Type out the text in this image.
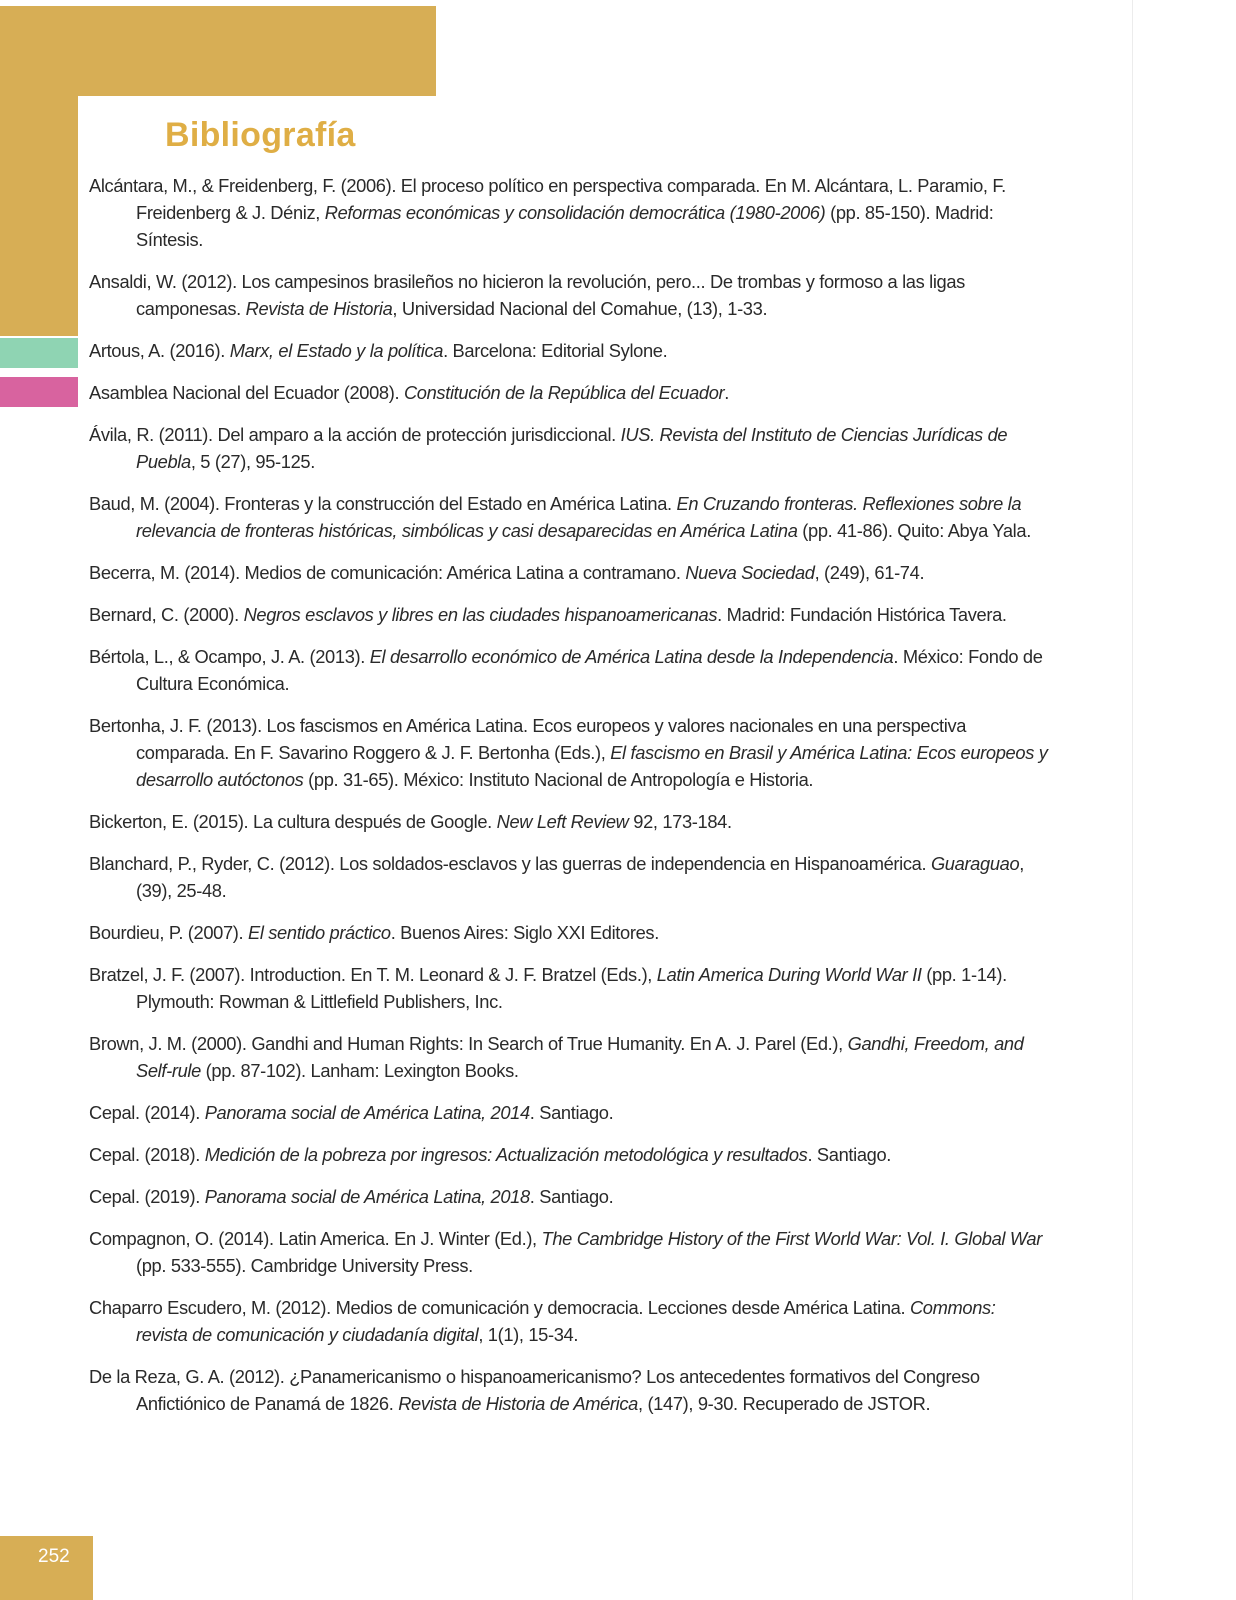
Bibliografía

Alcántara, M., & Freidenberg, F. (2006). El proceso político en perspectiva comparada. En M. Alcántara, L. Paramio, F. Freidenberg & J. Déniz, Reformas económicas y consolidación democrática (1980-2006) (pp. 85-150). Madrid: Síntesis.

Ansaldi, W. (2012). Los campesinos brasileños no hicieron la revolución, pero... De trombas y formoso a las ligas camponesas. Revista de Historia, Universidad Nacional del Comahue, (13), 1-33.

Artous, A. (2016). Marx, el Estado y la política. Barcelona: Editorial Sylone.

Asamblea Nacional del Ecuador (2008). Constitución de la República del Ecuador.

Ávila, R. (2011). Del amparo a la acción de protección jurisdiccional. IUS. Revista del Instituto de Ciencias Jurídicas de Puebla, 5 (27), 95-125.

Baud, M. (2004). Fronteras y la construcción del Estado en América Latina. En Cruzando fronteras. Reflexiones sobre la relevancia de fronteras históricas, simbólicas y casi desaparecidas en América Latina (pp. 41-86). Quito: Abya Yala.

Becerra, M. (2014). Medios de comunicación: América Latina a contramano. Nueva Sociedad, (249), 61-74.

Bernard, C. (2000). Negros esclavos y libres en las ciudades hispanoamericanas. Madrid: Fundación Histórica Tavera.

Bértola, L., & Ocampo, J. A. (2013). El desarrollo económico de América Latina desde la Independencia. México: Fondo de Cultura Económica.

Bertonha, J. F. (2013). Los fascismos en América Latina. Ecos europeos y valores nacionales en una perspectiva comparada. En F. Savarino Roggero & J. F. Bertonha (Eds.), El fascismo en Brasil y América Latina: Ecos europeos y desarrollo autóctonos (pp. 31-65). México: Instituto Nacional de Antropología e Historia.

Bickerton, E. (2015). La cultura después de Google. New Left Review 92, 173-184.

Blanchard, P., Ryder, C. (2012). Los soldados-esclavos y las guerras de independencia en Hispanoamérica. Guaraguao, (39), 25-48.

Bourdieu, P. (2007). El sentido práctico. Buenos Aires: Siglo XXI Editores.

Bratzel, J. F. (2007). Introduction. En T. M. Leonard & J. F. Bratzel (Eds.), Latin America During World War II (pp. 1-14). Plymouth: Rowman & Littlefield Publishers, Inc.

Brown, J. M. (2000). Gandhi and Human Rights: In Search of True Humanity. En A. J. Parel (Ed.), Gandhi, Freedom, and Self-rule (pp. 87-102). Lanham: Lexington Books.

Cepal. (2014). Panorama social de América Latina, 2014. Santiago.

Cepal. (2018). Medición de la pobreza por ingresos: Actualización metodológica y resultados. Santiago.

Cepal. (2019). Panorama social de América Latina, 2018. Santiago.

Compagnon, O. (2014). Latin America. En J. Winter (Ed.), The Cambridge History of the First World War: Vol. I. Global War (pp. 533-555). Cambridge University Press.

Chaparro Escudero, M. (2012). Medios de comunicación y democracia. Lecciones desde América Latina. Commons: revista de comunicación y ciudadanía digital, 1(1), 15-34.

De la Reza, G. A. (2012). ¿Panamericanismo o hispanoamericanismo? Los antecedentes formativos del Congreso Anfictiónico de Panamá de 1826. Revista de Historia de América, (147), 9-30. Recuperado de JSTOR.

252
